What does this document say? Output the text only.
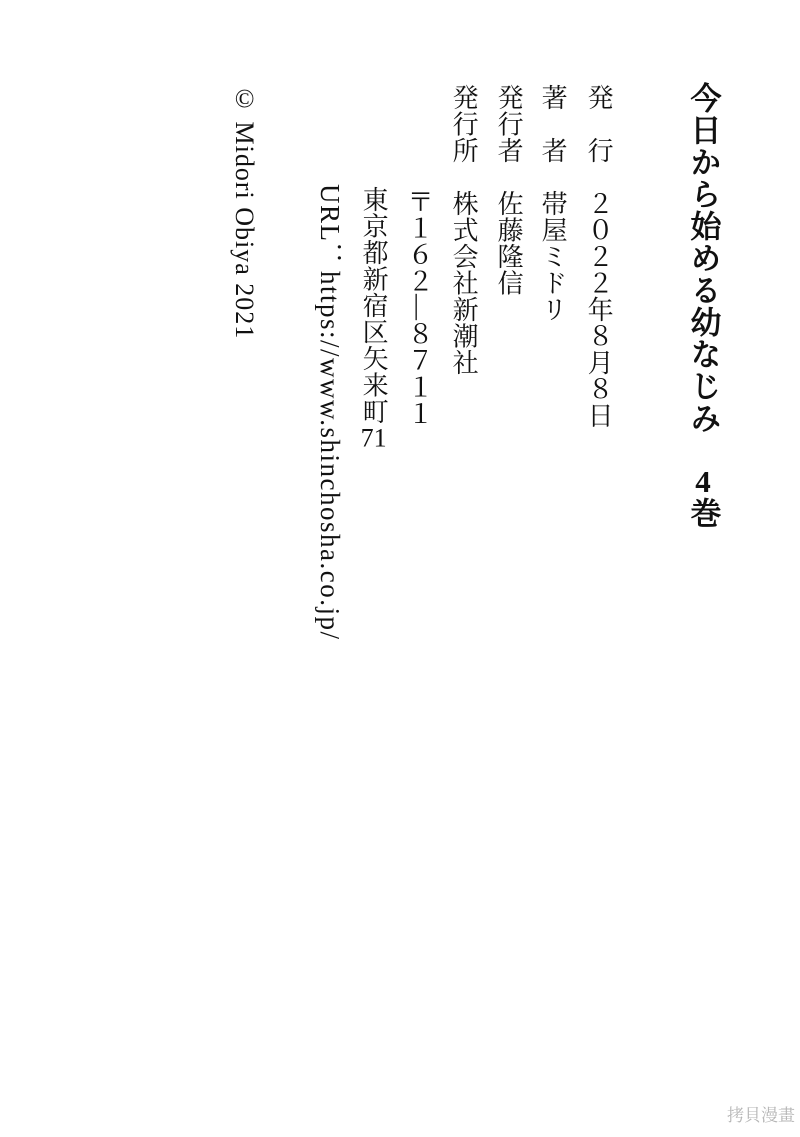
今日から始める幼なじみ　4巻
発　行　２０２２年８月８日
著　者　帯屋ミドリ
発行者　佐藤隆信
発行所　株式会社新潮社
〒１６２―８７１１
東京都新宿区矢来町71
URL：https://www.shinchosha.co.jp/
© Midori Obiya 2021
拷貝漫畫
